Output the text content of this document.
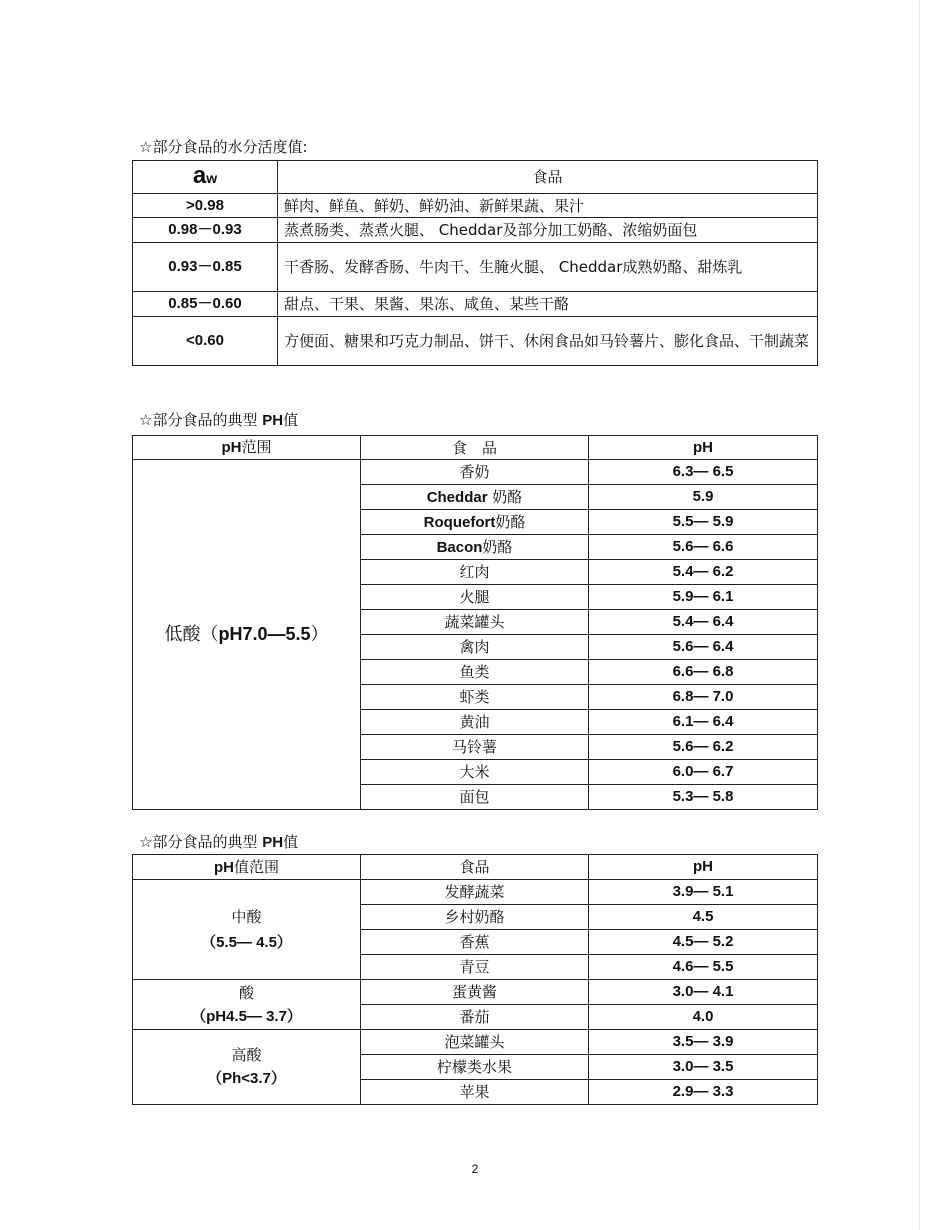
☆部分食品的水分活度值:
aw	食品
>0.98	鲜肉、鲜鱼、鲜奶、鲜奶油、新鲜果蔬、果汁
0.98－0.93	蒸煮肠类、蒸煮火腿、 Cheddar及部分加工奶酪、浓缩奶面包
0.93－0.85	干香肠、发酵香肠、牛肉干、生腌火腿、 Cheddar成熟奶酪、甜炼乳
0.85－0.60	甜点、干果、果酱、果冻、咸鱼、某些干酪
<0.60	方便面、糖果和巧克力制品、饼干、休闲食品如马铃薯片、膨化食品、干制蔬菜
☆部分食品的典型 PH值
pH范围	食　品	pH
低酸（pH7.0—5.5）	香奶	6.3— 6.5
	Cheddar 奶酪	5.9
	Roquefort奶酪	5.5— 5.9
	Bacon奶酪	5.6— 6.6
	红肉	5.4— 6.2
	火腿	5.9— 6.1
	蔬菜罐头	5.4— 6.4
	禽肉	5.6— 6.4
	鱼类	6.6— 6.8
	虾类	6.8— 7.0
	黄油	6.1— 6.4
	马铃薯	5.6— 6.2
	大米	6.0— 6.7
	面包	5.3— 5.8
☆部分食品的典型 PH值
pH值范围	食品	pH

中酸
（5.5— 4.5）	发酵蔬菜	3.9— 5.1
	乡村奶酪	4.5
	香蕉	4.5— 5.2
	青豆	4.6— 5.5

酸
（pH4.5— 3.7）	蛋黄酱	3.0— 4.1
	番茄	4.0

高酸
（Ph<3.7）	泡菜罐头	3.5— 3.9
	柠檬类水果	3.0— 3.5
	苹果	2.9— 3.3
2
